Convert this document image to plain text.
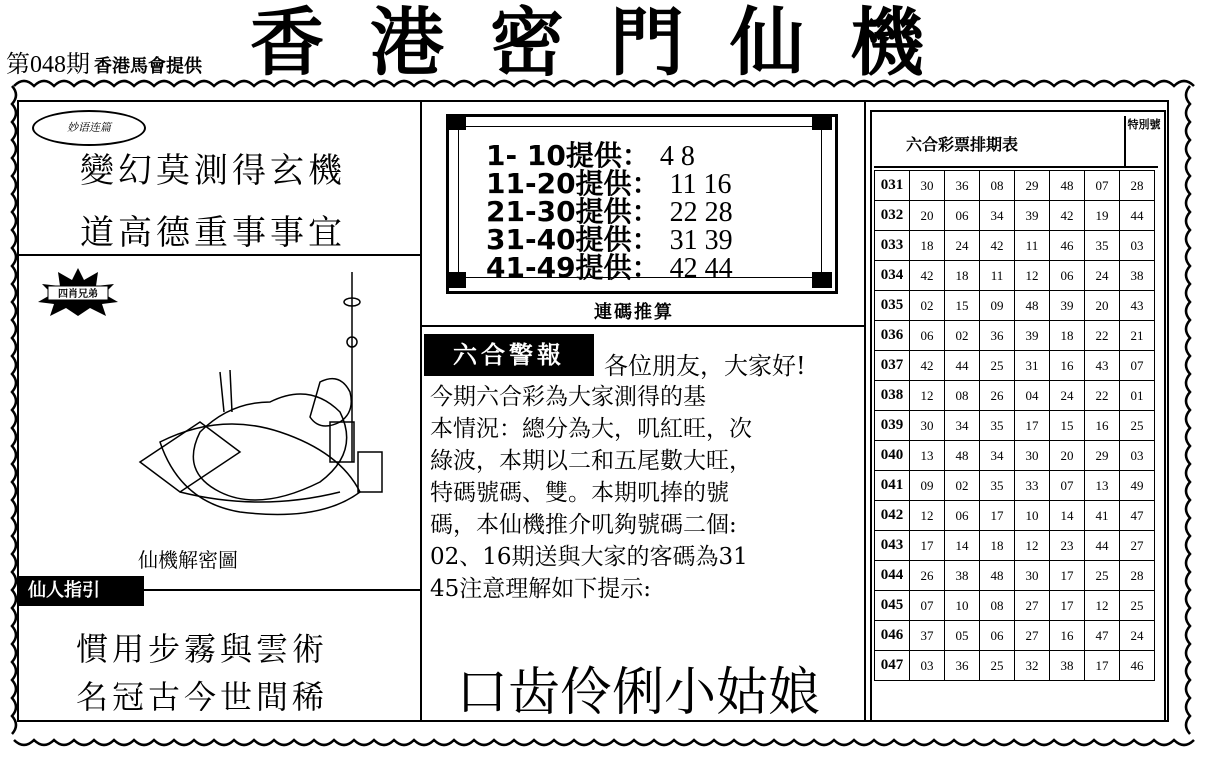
第048期 香港馬會提供 香港密門仙機
妙语连篇
變幻莫測得玄機
道高德重事事宜
四肖兄弟
仙機解密圖
仙人指引
慣用步霧與雲術
名冠古今世間稀
1- 10提供： 4 8
11-20提供： 11 16
21-30提供： 22 28
31-40提供： 31 39
41-49提供： 42 44
連碼推算
六合警報	各位朋友，大家好!
今期六合彩為大家測得的基
本情況：總分為大，叽紅旺，次
綠波，本期以二和五尾數大旺，
特碼號碼、雙。本期叽捧的號
碼，本仙機推介叽夠號碼二個:
02、16期送與大家的客碼為31
45注意理解如下提示:
口齿伶俐小姑娘
六合彩票排期表
特別號
031	30	36	08	29	48	07	28
032	20	06	34	39	42	19	44
033	18	24	42	11	46	35	03
034	42	18	11	12	06	24	38
035	02	15	09	48	39	20	43
036	06	02	36	39	18	22	21
037	42	44	25	31	16	43	07
038	12	08	26	04	24	22	01
039	30	34	35	17	15	16	25
040	13	48	34	30	20	29	03
041	09	02	35	33	07	13	49
042	12	06	17	10	14	41	47
043	17	14	18	12	23	44	27
044	26	38	48	30	17	25	28
045	07	10	08	27	17	12	25
046	37	05	06	27	16	47	24
047	03	36	25	32	38	17	46
